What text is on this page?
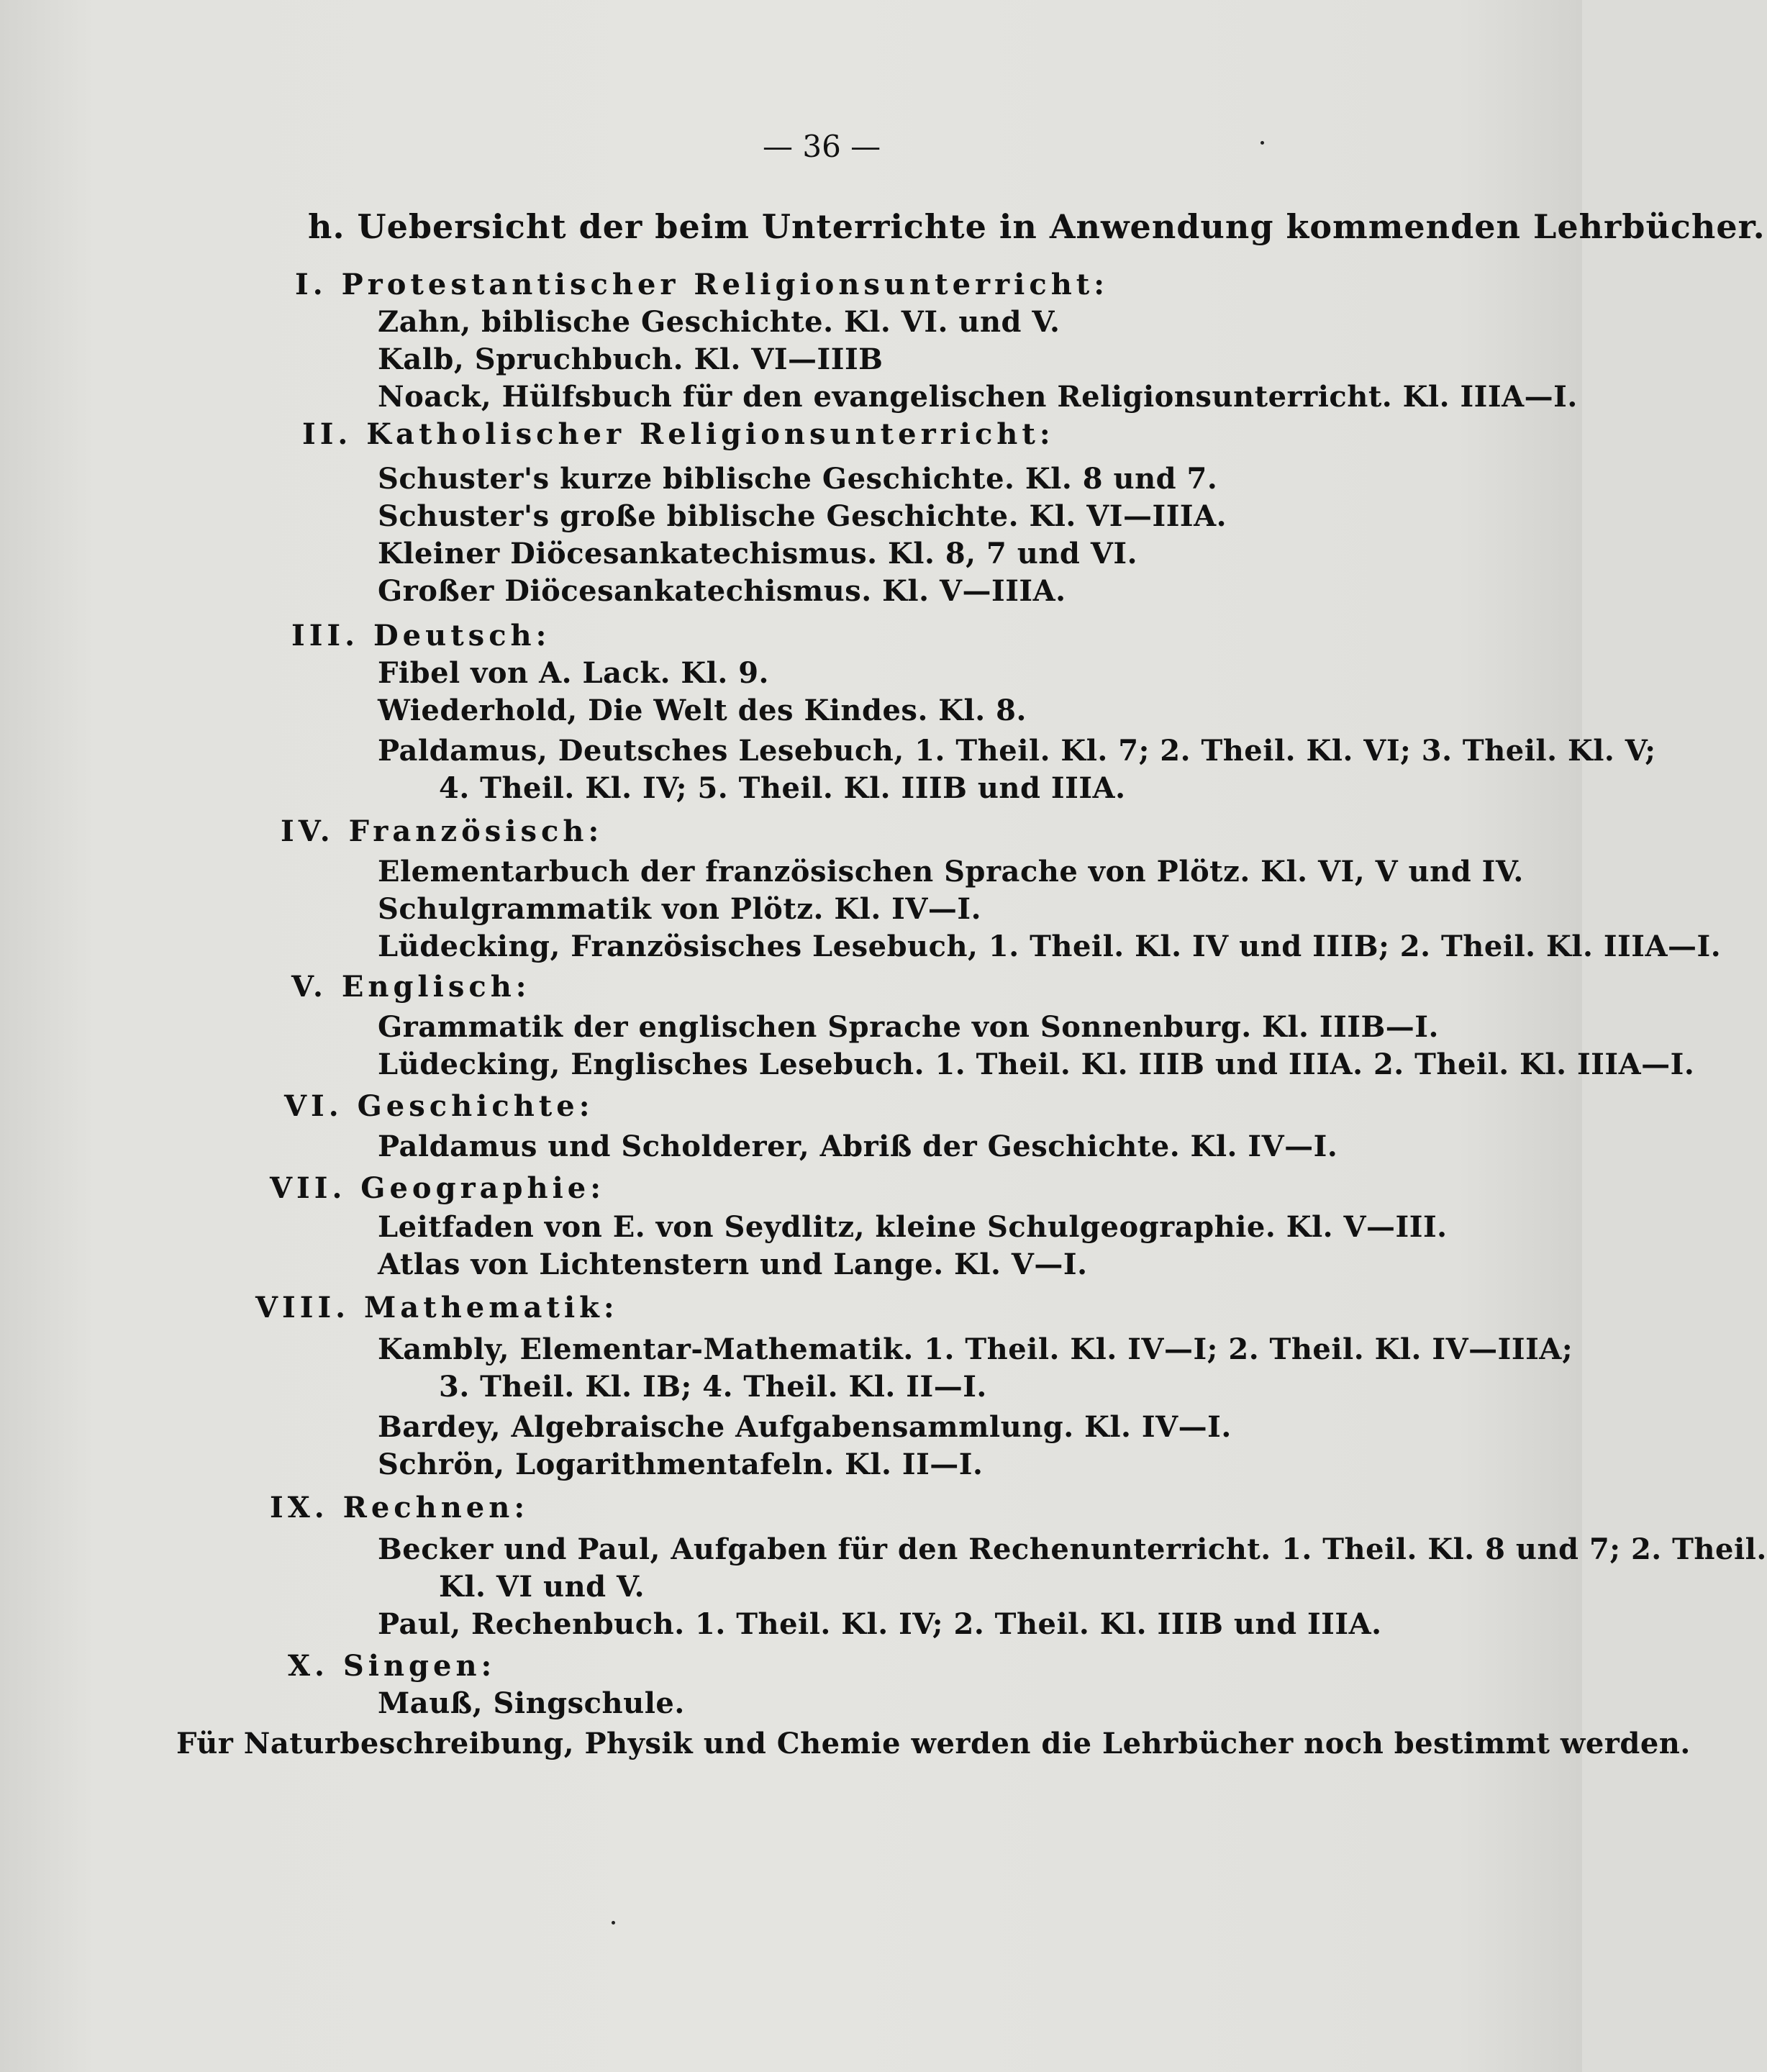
— 36 —
h. Uebersicht der beim Unterrichte in Anwendung kommenden Lehrbücher.
I. Protestantischer Religionsunterricht:
Zahn, biblische Geschichte. Kl. VI. und V.
Kalb, Spruchbuch. Kl. VI—IIIB
Noack, Hülfsbuch für den evangelischen Religionsunterricht. Kl. IIIA—I.
II. Katholischer Religionsunterricht:
Schuster's kurze biblische Geschichte. Kl. 8 und 7.
Schuster's große biblische Geschichte. Kl. VI—IIIA.
Kleiner Diöcesankatechismus. Kl. 8, 7 und VI.
Großer Diöcesankatechismus. Kl. V—IIIA.
III. Deutsch:
Fibel von A. Lack. Kl. 9.
Wiederhold, Die Welt des Kindes. Kl. 8.
Paldamus, Deutsches Lesebuch, 1. Theil. Kl. 7; 2. Theil. Kl. VI; 3. Theil. Kl. V;
4. Theil. Kl. IV; 5. Theil. Kl. IIIB und IIIA.
IV. Französisch:
Elementarbuch der französischen Sprache von Plötz. Kl. VI, V und IV.
Schulgrammatik von Plötz. Kl. IV—I.
Lüdecking, Französisches Lesebuch, 1. Theil. Kl. IV und IIIB; 2. Theil. Kl. IIIA—I.
V. Englisch:
Grammatik der englischen Sprache von Sonnenburg. Kl. IIIB—I.
Lüdecking, Englisches Lesebuch. 1. Theil. Kl. IIIB und IIIA. 2. Theil. Kl. IIIA—I.
VI. Geschichte:
Paldamus und Scholderer, Abriß der Geschichte. Kl. IV—I.
VII. Geographie:
Leitfaden von E. von Seydlitz, kleine Schulgeographie. Kl. V—III.
Atlas von Lichtenstern und Lange. Kl. V—I.
VIII. Mathematik:
Kambly, Elementar-Mathematik. 1. Theil. Kl. IV—I; 2. Theil. Kl. IV—IIIA;
3. Theil. Kl. IB; 4. Theil. Kl. II—I.
Bardey, Algebraische Aufgabensammlung. Kl. IV—I.
Schrön, Logarithmentafeln. Kl. II—I.
IX. Rechnen:
Becker und Paul, Aufgaben für den Rechenunterricht. 1. Theil. Kl. 8 und 7; 2. Theil.
Kl. VI und V.
Paul, Rechenbuch. 1. Theil. Kl. IV; 2. Theil. Kl. IIIB und IIIA.
X. Singen:
Mauß, Singschule.
Für Naturbeschreibung, Physik und Chemie werden die Lehrbücher noch bestimmt werden.
